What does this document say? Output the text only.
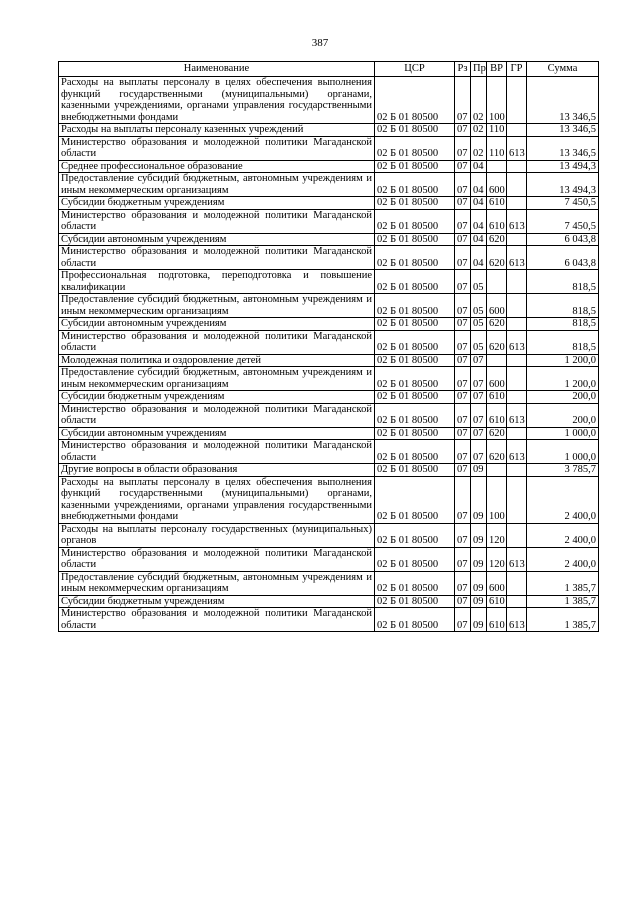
387
Наименование	ЦСР	Рз	Пр	ВР	ГР	Сумма
Расходы на выплаты персоналу в целях обеспечения выполнения функций государственными (муниципальными) органами, казенными учреждениями, органами управления государственными внебюджетными фондами	02 Б 01 80500	07	02	100		13 346,5
Расходы на выплаты персоналу казенных учреждений	02 Б 01 80500	07	02	110		13 346,5
Министерство образования и молодежной политики Магаданской области	02 Б 01 80500	07	02	110	613	13 346,5
Среднее профессиональное образование	02 Б 01 80500	07	04			13 494,3
Предоставление субсидий бюджетным, автономным учреждениям и иным некоммерческим организациям	02 Б 01 80500	07	04	600		13 494,3
Субсидии бюджетным учреждениям	02 Б 01 80500	07	04	610		7 450,5
Министерство образования и молодежной политики Магаданской области	02 Б 01 80500	07	04	610	613	7 450,5
Субсидии автономным учреждениям	02 Б 01 80500	07	04	620		6 043,8
Министерство образования и молодежной политики Магаданской области	02 Б 01 80500	07	04	620	613	6 043,8
Профессиональная подготовка, переподготовка и повышение квалификации	02 Б 01 80500	07	05			818,5
Предоставление субсидий бюджетным, автономным учреждениям и иным некоммерческим организациям	02 Б 01 80500	07	05	600		818,5
Субсидии автономным учреждениям	02 Б 01 80500	07	05	620		818,5
Министерство образования и молодежной политики Магаданской области	02 Б 01 80500	07	05	620	613	818,5
Молодежная политика и оздоровление детей	02 Б 01 80500	07	07			1 200,0
Предоставление субсидий бюджетным, автономным учреждениям и иным некоммерческим организациям	02 Б 01 80500	07	07	600		1 200,0
Субсидии бюджетным учреждениям	02 Б 01 80500	07	07	610		200,0
Министерство образования и молодежной политики Магаданской области	02 Б 01 80500	07	07	610	613	200,0
Субсидии автономным учреждениям	02 Б 01 80500	07	07	620		1 000,0
Министерство образования и молодежной политики Магаданской области	02 Б 01 80500	07	07	620	613	1 000,0
Другие вопросы в области образования	02 Б 01 80500	07	09			3 785,7
Расходы на выплаты персоналу в целях обеспечения выполнения функций государственными (муниципальными) органами, казенными учреждениями, органами управления государственными внебюджетными фондами	02 Б 01 80500	07	09	100		2 400,0
Расходы на выплаты персоналу государственных (муниципальных) органов	02 Б 01 80500	07	09	120		2 400,0
Министерство образования и молодежной политики Магаданской области	02 Б 01 80500	07	09	120	613	2 400,0
Предоставление субсидий бюджетным, автономным учреждениям и иным некоммерческим организациям	02 Б 01 80500	07	09	600		1 385,7
Субсидии бюджетным учреждениям	02 Б 01 80500	07	09	610		1 385,7
Министерство образования и молодежной политики Магаданской области	02 Б 01 80500	07	09	610	613	1 385,7
